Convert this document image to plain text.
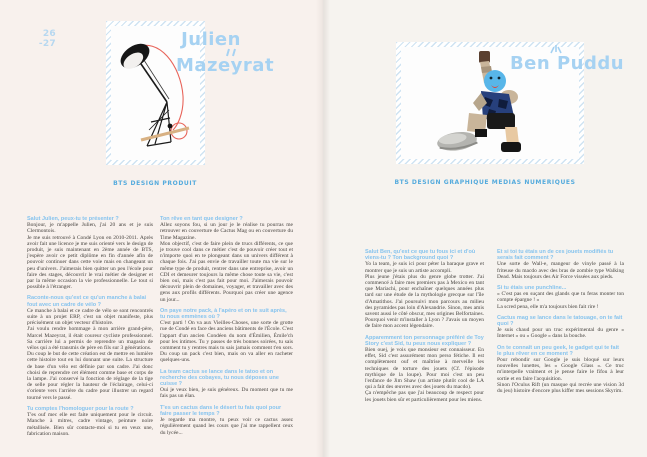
26
-27	Julien
Mazeyrat
BTS DESIGN PRODUIT

Salut Julien, peux-tu te présenter ?

Bonjour, je m'appelle Julien, j'ai 20 ans et je suis Clermontois.

Je me suis retrouvé à Condé Lyon en 2010-2011. Après avoir fait une licence je me suis orienté vers le design de produit, je suis maintenant en 2ème année de BTS, j'espère avoir ce petit diplôme en fin d'année afin de pouvoir continuer dans cette voie mais en changeant un peu d'univers. J'aimerais bien quitter un peu l'école pour faire des stages, découvrir le vrai métier de designer et par la même occasion la vie professionnelle. Le tout si possible à l'étranger.

Raconte-nous qu'est ce qu'un manche à balai fout avec un cadre de vélo ?

Ce manche à balai et ce cadre de vélo se sont rencontrés suite à un projet ERP, c'est un objet manifeste, plus précisément un objet vecteur d'histoire.

J'ai voulu rendre hommage à mon arrière grand-père, Marcel Mazeyrat, il était coureur cycliste professionnel. Sa carrière lui a permis de reprendre un magasin de vélos qui a été transmis de père en fils sur 3 générations.

Du coup le but de cette création est de mettre en lumière cette histoire tout en lui donnant une suite. La structure de base d'un vélo est définie par son cadre. J'ai donc choisi de reprendre cet élément comme base et corps de la lampe. J'ai conservé la fonction de réglage de la tige de selle pour régler la hauteur de l'éclairage, celui-ci s'oriente vers l'arrière du cadre pour illustrer un regard tourné vers le passé.

Tu comptes l'homologuer pour la route ?

T'es ouf mec elle est faite uniquement pour le circuit. Manche à mitres, cadre vintage, peinture noire métallisée. Bien sûr contacte-moi si tu en veux une, fabrication maison.

Ton rêve en tant que designer ?

Allez soyons fou, si un jour je le réalise tu pourras me retrouver en couverture de Cactus Mag ou en couverture du Time Magazine.

Mon objectif, c'est de faire plein de trucs différents, ce que je trouve cool dans ce métier c'est de pouvoir créer tout et n'importe quoi en te plongeant dans un univers différent à chaque fois. J'ai pas envie de travailler toute ma vie sur le même type de produit, rentrer dans une entreprise, avoir un CDI et demeurer toujours la même chose toute sa vie, c'est bien oui, mais c'est pas fait pour moi. J'aimerais pouvoir découvrir plein de domaines, voyager, et travailler avec des gens aux profils différents. Pourquoi pas créer une agence un jour...

On paye notre pack, à l'apéro et on te suit après, tu nous emmènes où ?

C'est parti ! On va aux Vieilles-Choses, une sorte de grotte rue de Condé en face des anciens bâtiments de l'École. C'est l'appart d'un ancien Condéen du nom d'Émilien, Émile'ch pour les intimes. Tu y passes de très bonnes soirées, tu sais comment tu y rentres mais tu sais jamais comment t'en sors. Du coup un pack c'est bien, mais on va aller en racheter quelques-uns.

La team cactus se lance dans le tatoo et on recherche des cobayes, tu nous déposes une cuisse ?

Oui je veux bien, je suis généreux. Du moment que tu me fais pas un élan.

T'es un cactus dans le désert tu fais quoi pour faire passer le temps ?

Je regarde ma montre, tu peux voir ce cactus assez régulièrement quand les cours que j'ai me rappellent ceux du lycée...

Ben Puddu
BTS DESIGN GRAPHIQUE MEDIAS NUMERIQUES

Salut Ben, qu'est ce que tu fous ici et d'où viens-tu ? Ton background quoi ?

Yo la team, je suis ici pour péter la baraque grave et montrer que je suis un artiste accompli.

Plus jeune j'étais plus du genre globe trotter. J'ai commencé à faire mes premiers pas à Mexico en tant que Mariachi, pour enchaîner quelques années plus tard sur une étude de la mythologie grecque sur l'île d'Amatithos. J'ai poursuivi mon parcours au milieu des pyramides pas loin d'Alexandrie. Sinon, mes amis savent aussi le côté obscur, mes origines Belfortaines. Pourquoi venir m'installer à Lyon ? J'avais un moyen de faire mon accent légendaire.

Apparemment ton personnage préféré de Toy Story c'est Sid, tu peux nous expliquer ?

Bien ouej, je vois que monsieur est connaisseur. En effet, Sid c'est assurément mon perso fétiche. Il est complètement ouf et maîtrise à merveille les techniques de torture des jouets (Cf. l'épisode mythique de la loupe). Pour moi c'est un peu l'enfance de Jim Shaw (un artiste plutôt cool de LA qui a fait des œuvres avec des jouets du macdo).

Ça n'empêche pas que j'ai beaucoup de respect pour les jouets bien sûr et particulièrement pour les miens.

Et si toi tu étais un de ces jouets modifiés tu serais fait comment ?

Une sorte de Wall-e, mangeur de vinyle passé à la friteuse du macdo avec des bras de zombie type Walking Dead. Mais toujours des Air Force vissées aux pieds.

Si tu étais une punchline...

« C'est pas en suçant des glands que tu feras monter ton compte épargne ! »

La scred pena, elle m'a toujours bien fait rire !

Cactus mag se lance dans le tatouage, on te fait quoi ?

Je suis chaud pour un truc expérimental du genre « Internet » ou « Google » dans la bouche.

On te connaît un peu geek, le gadget qui te fait le plus rêver en ce moment ?

Pour rebondir sur Google je suis bloqué sur leurs nouvelles lunettes, les « Google Glass ». Ce truc m'interpelle vraiment et je pense faire le fifou à leur sortie et en faire l'acquisition.

Sinon l'Oculus Rift (un masque qui recrée une vision 3d du jeu) histoire d'encore plus kiffer mes sessions Skyrim.
